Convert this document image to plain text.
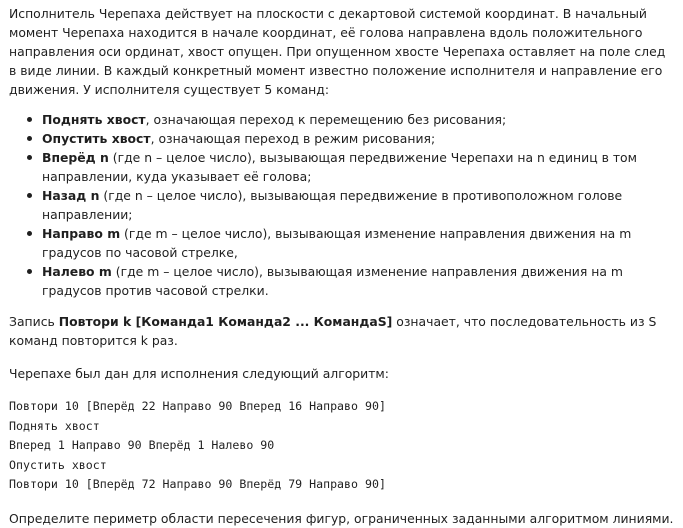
Исполнитель Черепаха действует на плоскости с декартовой системой координат. В начальный момент Черепаха находится в начале координат, её голова направлена вдоль положительного направления оси ординат, хвост опущен. При опущенном хвосте Черепаха оставляет на поле след в виде линии. В каждый конкретный момент известно положение исполнителя и направление его движения. У исполнителя существует 5 команд:

Поднять хвост, означающая переход к перемещению без рисования;
Опустить хвост, означающая переход в режим рисования;
Вперёд n (где n – целое число), вызывающая передвижение Черепахи на n единиц в том направлении, куда указывает её голова;
Назад n (где n – целое число), вызывающая передвижение в противоположном голове направлении;
Направо m (где m – целое число), вызывающая изменение направления движения на m градусов по часовой стрелке,
Налево m (где m – целое число), вызывающая изменение направления движения на m градусов против часовой стрелки.

Запись Повтори k [Команда1 Команда2 ... КомандаS] означает, что последовательность из S команд повторится k раз.

Черепахе был дан для исполнения следующий алгоритм:

Повтори 10 [Вперёд 22 Направо 90 Вперед 16 Направо 90]
Поднять хвост
Вперед 1 Направо 90 Вперёд 1 Налево 90
Опустить хвост
Повтори 10 [Вперёд 72 Направо 90 Вперёд 79 Направо 90]

Определите периметр области пересечения фигур, ограниченных заданными алгоритмом линиями.
